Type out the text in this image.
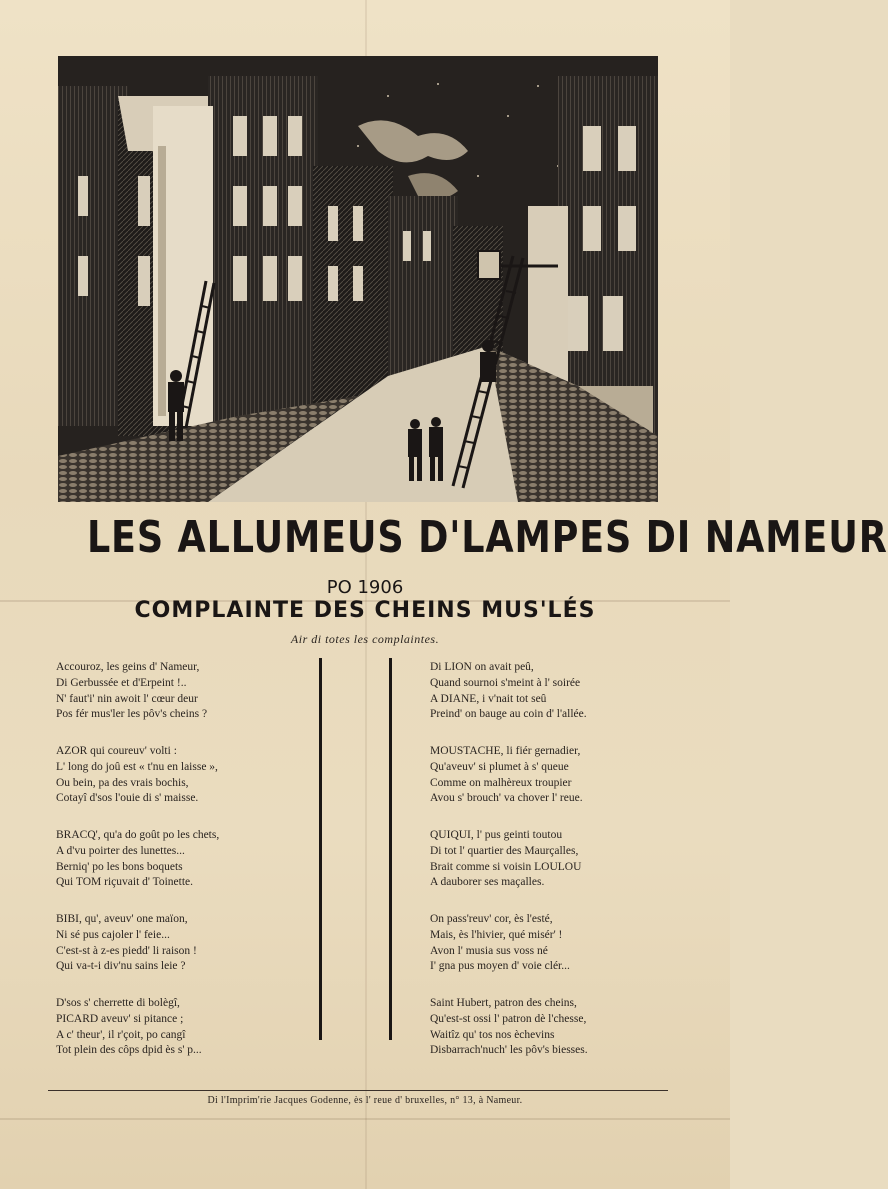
LES ALLUMEUS D'LAMPES DI NAMEUR
PO 1906
COMPLAINTE DES CHEINS MUS'LÉS
Air di totes les complaintes.
Accouroz, les geins d' Nameur,
Di Gerbussée et d'Erpeint !..
N' faut'i' nin awoit l' cœur deur
Pos fér mus'ler les pôv's cheins ?
AZOR qui coureuv' volti :
L' long do joû est « t'nu en laisse »,
Ou bein, pa des vrais bochis,
Cotayî d'sos l'ouie di s' maisse.
BRACQ', qu'a do goût po les chets,
A d'vu poirter des lunettes...
Berniq' po les bons boquets
Qui TOM riçuvait d' Toinette.
BIBI, qu', aveuv' one maïon,
Ni sé pus cajoler l' feie...
C'est-st à z-es piedd' li raison !
Qui va-t-i div'nu sains leie ?
D'sos s' cherrette di bolègî,
PICARD aveuv' si pitance ;
A c' theur', il r'çoit, po cangî
Tot plein des côps dpid ès s' p...
Di LION on avait peû,
Quand sournoi s'meint à l' soirée
A DIANE, i v'nait tot seû
Preind' on bauge au coin d' l'allée.
MOUSTACHE, li fiér gernadier,
Qu'aveuv' si plumet à s' queue
Comme on malhèreux troupier
Avou s' brouch' va chover l' reue.
QUIQUI, l' pus geinti toutou
Di tot l' quartier des Maurçalles,
Brait comme si voisin LOULOU
A dauborer ses maçalles.
On pass'reuv' cor, ès l'esté,
Mais, ès l'hivier, qué misér' !
Avon l' musia sus voss né
I' gna pus moyen d' voie clér...
Saint Hubert, patron des cheins,
Qu'est-st ossi l' patron dè l'chesse,
Waitîz qu' tos nos èchevins
Disbarrach'nuch' les pôv's biesses.
Di l'Imprim'rie Jacques Godenne, ès l' reue d' bruxelles, n° 13, à Nameur.
